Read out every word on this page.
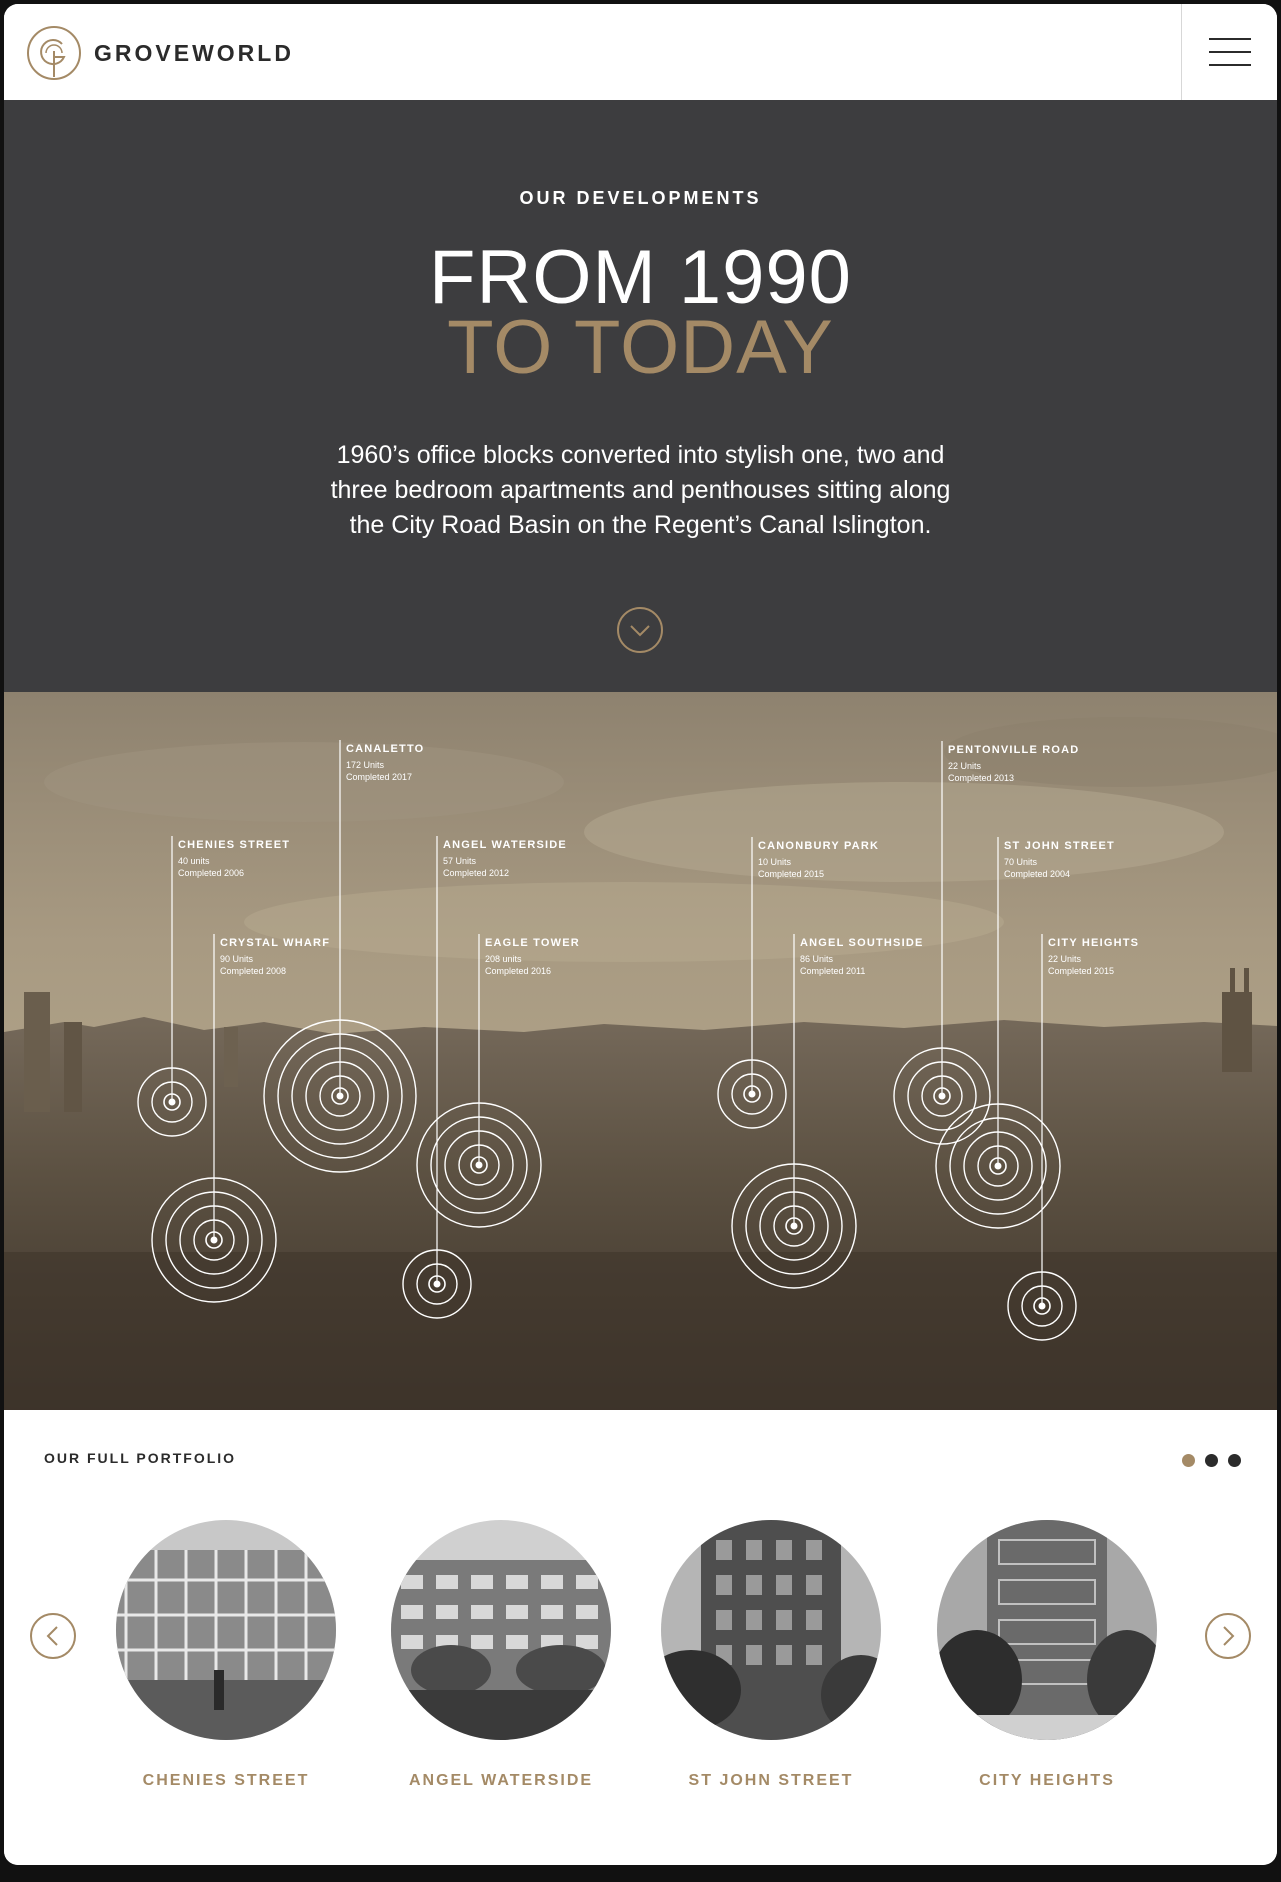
GROVEWORLD
OUR DEVELOPMENTS
FROM 1990
TO TODAY
1960’s office blocks converted into stylish one, two and three bedroom apartments and penthouses sitting along the City Road Basin on the Regent’s Canal Islington.
CHENIES STREET
40 units
Completed 2006
CRYSTAL WHARF
90 Units
Completed 2008
CANALETTO
172 Units
Completed 2017
ANGEL WATERSIDE
57 Units
Completed 2012
EAGLE TOWER
208 units
Completed 2016
CANONBURY PARK
10 Units
Completed 2015
ANGEL SOUTHSIDE
86 Units
Completed 2011
PENTONVILLE ROAD
22 Units
Completed 2013
ST JOHN STREET
70 Units
Completed 2004
CITY HEIGHTS
22 Units
Completed 2015
OUR FULL PORTFOLIO
CHENIES STREET	ANGEL WATERSIDE	ST JOHN STREET	CITY HEIGHTS
